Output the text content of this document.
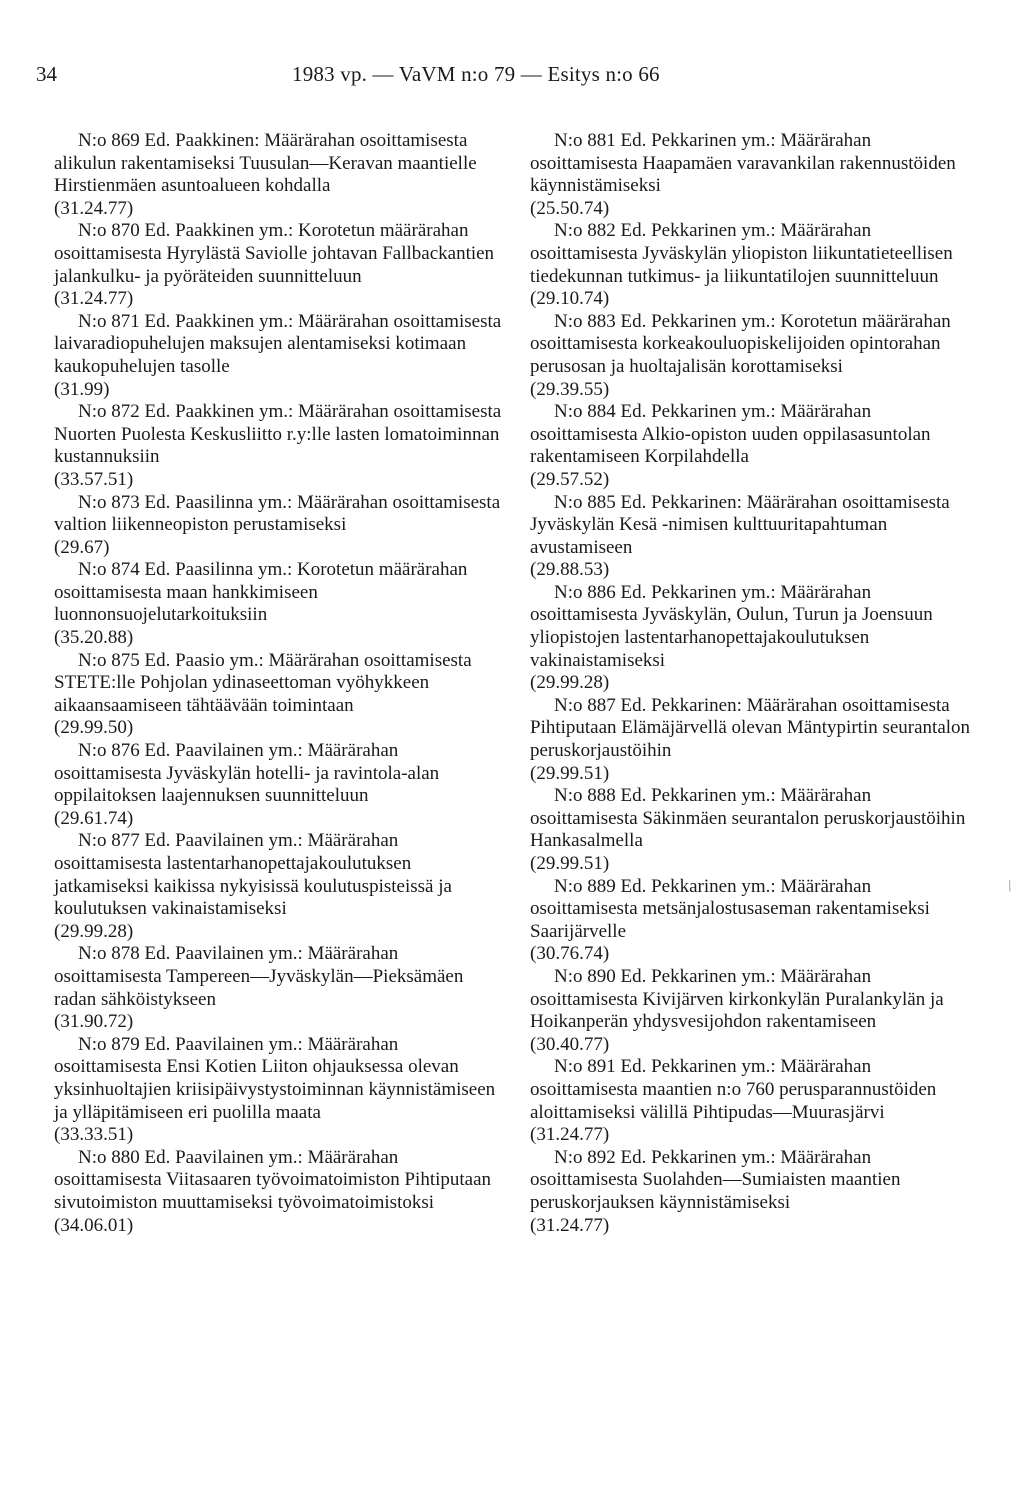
34	1983 vp. — VaVM n:o 79 — Esitys n:o 66

N:o 869 Ed. Paakkinen: Määrärahan osoittamisesta alikulun rakentamiseksi Tuusulan—Keravan maantielle Hirstienmäen asuntoalueen kohdalla

(31.24.77)

N:o 870 Ed. Paakkinen ym.: Korotetun määrärahan osoittamisesta Hyrylästä Saviolle johtavan Fallbackantien jalankulku- ja pyöräteiden suunnitteluun

(31.24.77)

N:o 871 Ed. Paakkinen ym.: Määrärahan osoittamisesta laivaradiopuhelujen maksujen alentamiseksi kotimaan kaukopuhelujen tasolle

(31.99)

N:o 872 Ed. Paakkinen ym.: Määrärahan osoittamisesta Nuorten Puolesta Keskusliitto r.y:lle lasten lomatoiminnan kustannuksiin

(33.57.51)

N:o 873 Ed. Paasilinna ym.: Määrärahan osoittamisesta valtion liikenneopiston perustamiseksi

(29.67)

N:o 874 Ed. Paasilinna ym.: Korotetun määrärahan osoittamisesta maan hankkimiseen luonnonsuojelutarkoituksiin

(35.20.88)

N:o 875 Ed. Paasio ym.: Määrärahan osoittamisesta STETE:lle Pohjolan ydinaseettoman vyöhykkeen aikaansaamiseen tähtäävään toimintaan

(29.99.50)

N:o 876 Ed. Paavilainen ym.: Määrärahan osoittamisesta Jyväskylän hotelli- ja ravintola-alan oppilaitoksen laajennuksen suunnitteluun

(29.61.74)

N:o 877 Ed. Paavilainen ym.: Määrärahan osoittamisesta lastentarhanopettajakoulutuksen jatkamiseksi kaikissa nykyisissä koulutuspisteissä ja koulutuksen vakinaistamiseksi

(29.99.28)

N:o 878 Ed. Paavilainen ym.: Määrärahan osoittamisesta Tampereen—Jyväskylän—Pieksämäen radan sähköistykseen

(31.90.72)

N:o 879 Ed. Paavilainen ym.: Määrärahan osoittamisesta Ensi Kotien Liiton ohjauksessa olevan yksinhuoltajien kriisipäivystystoiminnan käynnistämiseen ja ylläpitämiseen eri puolilla maata

(33.33.51)

N:o 880 Ed. Paavilainen ym.: Määrärahan osoittamisesta Viitasaaren työvoimatoimiston Pihtiputaan sivutoimiston muuttamiseksi työvoimatoimistoksi

(34.06.01)

N:o 881 Ed. Pekkarinen ym.: Määrärahan osoittamisesta Haapamäen varavankilan rakennustöiden käynnistämiseksi

(25.50.74)

N:o 882 Ed. Pekkarinen ym.: Määrärahan osoittamisesta Jyväskylän yliopiston liikuntatieteellisen tiedekunnan tutkimus- ja liikuntatilojen suunnitteluun

(29.10.74)

N:o 883 Ed. Pekkarinen ym.: Korotetun määrärahan osoittamisesta korkeakouluopiskelijoiden opintorahan perusosan ja huoltajalisän korottamiseksi

(29.39.55)

N:o 884 Ed. Pekkarinen ym.: Määrärahan osoittamisesta Alkio-opiston uuden oppilasasuntolan rakentamiseen Korpilahdella

(29.57.52)

N:o 885 Ed. Pekkarinen: Määrärahan osoittamisesta Jyväskylän Kesä -nimisen kulttuuritapahtuman avustamiseen

(29.88.53)

N:o 886 Ed. Pekkarinen ym.: Määrärahan osoittamisesta Jyväskylän, Oulun, Turun ja Joensuun yliopistojen lastentarhanopettajakoulutuksen vakinaistamiseksi

(29.99.28)

N:o 887 Ed. Pekkarinen: Määrärahan osoittamisesta Pihtiputaan Elämäjärvellä olevan Mäntypirtin seurantalon peruskorjaustöihin

(29.99.51)

N:o 888 Ed. Pekkarinen ym.: Määrärahan osoittamisesta Säkinmäen seurantalon peruskorjaustöihin Hankasalmella

(29.99.51)

N:o 889 Ed. Pekkarinen ym.: Määrärahan osoittamisesta metsänjalostusaseman rakentamiseksi Saarijärvelle

(30.76.74)

N:o 890 Ed. Pekkarinen ym.: Määrärahan osoittamisesta Kivijärven kirkonkylän Puralankylän ja Hoikanperän yhdysvesijohdon rakentamiseen

(30.40.77)

N:o 891 Ed. Pekkarinen ym.: Määrärahan osoittamisesta maantien n:o 760 perusparannustöiden aloittamiseksi välillä Pihtipudas—Muurasjärvi

(31.24.77)

N:o 892 Ed. Pekkarinen ym.: Määrärahan osoittamisesta Suolahden—Sumiaisten maantien peruskorjauksen käynnistämiseksi

(31.24.77)

/
